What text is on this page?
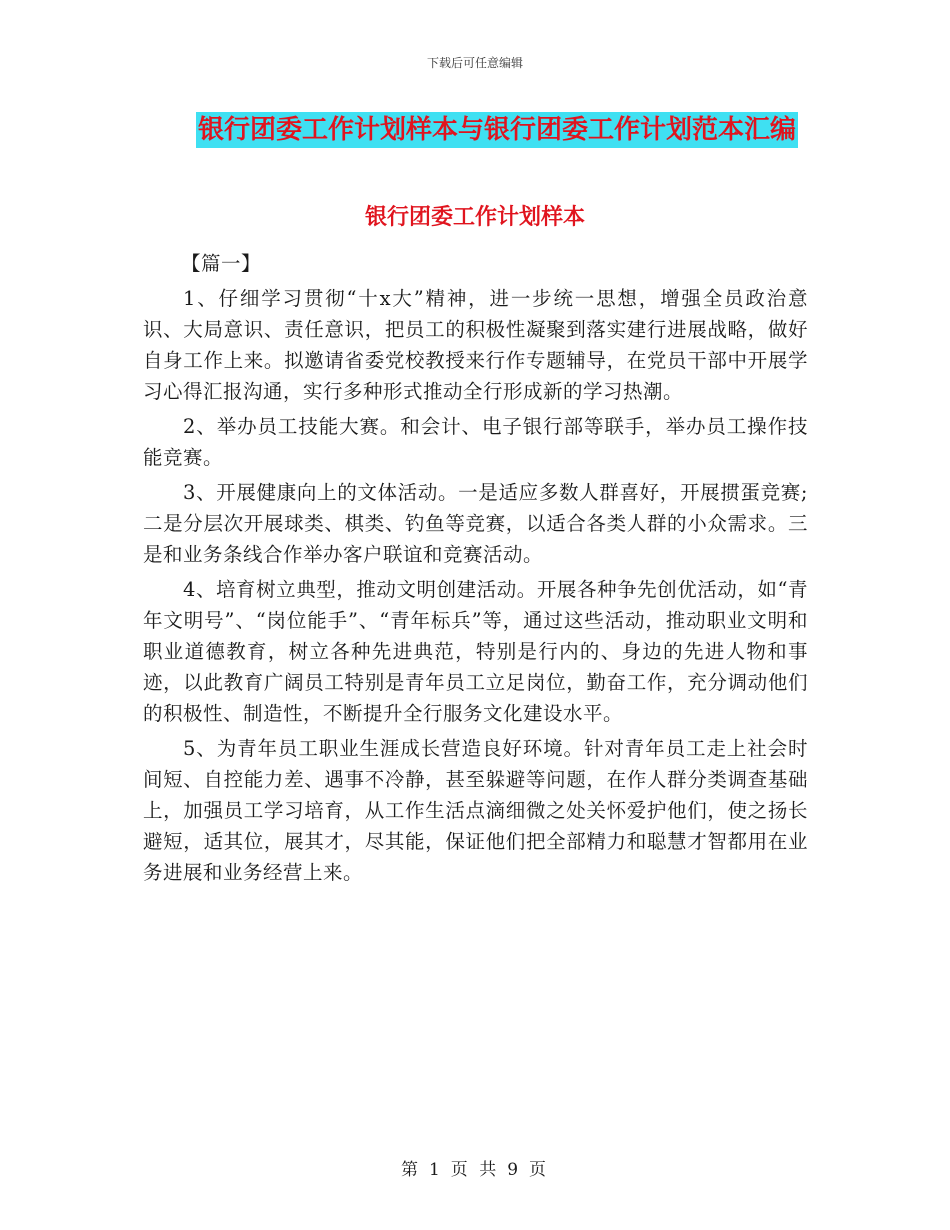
下载后可任意编辑
银行团委工作计划样本与银行团委工作计划范本汇编
银行团委工作计划样本

【篇一】

1、仔细学习贯彻“十x大”精神，进一步统一思想，增强全员政治意识、大局意识、责任意识，把员工的积极性凝聚到落实建行进展战略，做好自身工作上来。拟邀请省委党校教授来行作专题辅导，在党员干部中开展学习心得汇报沟通，实行多种形式推动全行形成新的学习热潮。

2、举办员工技能大赛。和会计、电子银行部等联手，举办员工操作技能竞赛。

3、开展健康向上的文体活动。一是适应多数人群喜好，开展掼蛋竞赛;二是分层次开展球类、棋类、钓鱼等竞赛，以适合各类人群的小众需求。三是和业务条线合作举办客户联谊和竞赛活动。

4、培育树立典型，推动文明创建活动。开展各种争先创优活动，如“青年文明号”、“岗位能手”、“青年标兵”等，通过这些活动，推动职业文明和职业道德教育，树立各种先进典范，特别是行内的、身边的先进人物和事迹，以此教育广阔员工特别是青年员工立足岗位，勤奋工作，充分调动他们的积极性、制造性，不断提升全行服务文化建设水平。

5、为青年员工职业生涯成长营造良好环境。针对青年员工走上社会时间短、自控能力差、遇事不冷静，甚至躲避等问题，在作人群分类调查基础上，加强员工学习培育，从工作生活点滴细微之处关怀爱护他们，使之扬长避短，适其位，展其才，尽其能，保证他们把全部精力和聪慧才智都用在业务进展和业务经营上来。

第 1 页 共 9 页
